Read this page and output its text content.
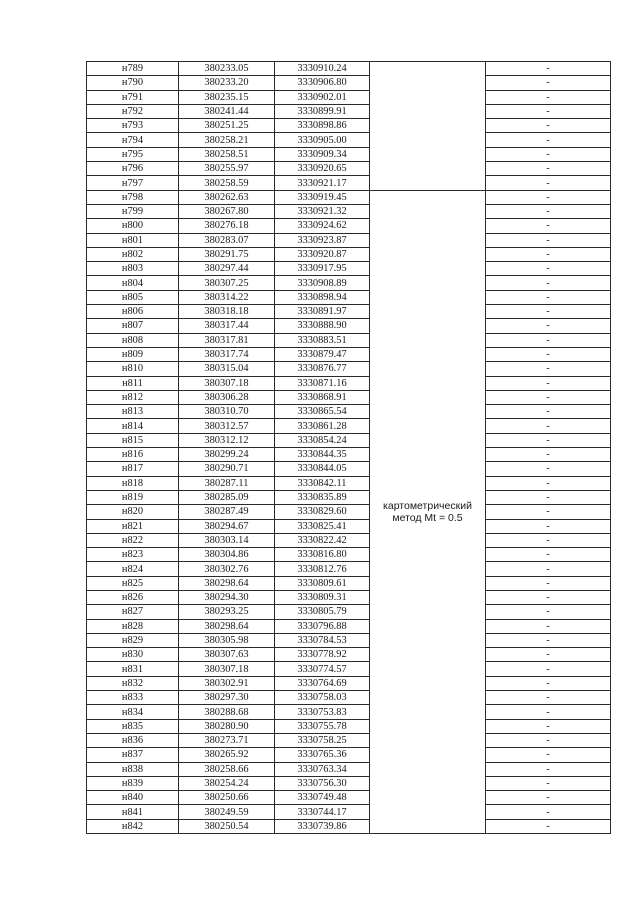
н789	380233.05	3330910.24		-
н790	380233.20	3330906.80		-
н791	380235.15	3330902.01		-
н792	380241.44	3330899.91		-
н793	380251.25	3330898.86		-
н794	380258.21	3330905.00		-
н795	380258.51	3330909.34		-
н796	380255.97	3330920.65		-
н797	380258.59	3330921.17		-
н798	380262.63	3330919.45	картометрический метод Mt = 0.5	-
н799	380267.80	3330921.32		-
н800	380276.18	3330924.62		-
н801	380283.07	3330923.87		-
н802	380291.75	3330920.87		-
н803	380297.44	3330917.95		-
н804	380307.25	3330908.89		-
н805	380314.22	3330898.94		-
н806	380318.18	3330891.97		-
н807	380317.44	3330888.90		-
н808	380317.81	3330883.51		-
н809	380317.74	3330879.47		-
н810	380315.04	3330876.77		-
н811	380307.18	3330871.16		-
н812	380306.28	3330868.91		-
н813	380310.70	3330865.54		-
н814	380312.57	3330861.28		-
н815	380312.12	3330854.24		-
н816	380299.24	3330844.35		-
н817	380290.71	3330844.05		-
н818	380287.11	3330842.11		-
н819	380285.09	3330835.89		-
н820	380287.49	3330829.60		-
н821	380294.67	3330825.41		-
н822	380303.14	3330822.42		-
н823	380304.86	3330816.80		-
н824	380302.76	3330812.76		-
н825	380298.64	3330809.61		-
н826	380294.30	3330809.31		-
н827	380293.25	3330805.79		-
н828	380298.64	3330796.88		-
н829	380305.98	3330784.53		-
н830	380307.63	3330778.92		-
н831	380307.18	3330774.57		-
н832	380302.91	3330764.69		-
н833	380297.30	3330758.03		-
н834	380288.68	3330753.83		-
н835	380280.90	3330755.78		-
н836	380273.71	3330758.25		-
н837	380265.92	3330765.36		-
н838	380258.66	3330763.34		-
н839	380254.24	3330756.30		-
н840	380250.66	3330749.48		-
н841	380249.59	3330744.17		-
н842	380250.54	3330739.86		-
